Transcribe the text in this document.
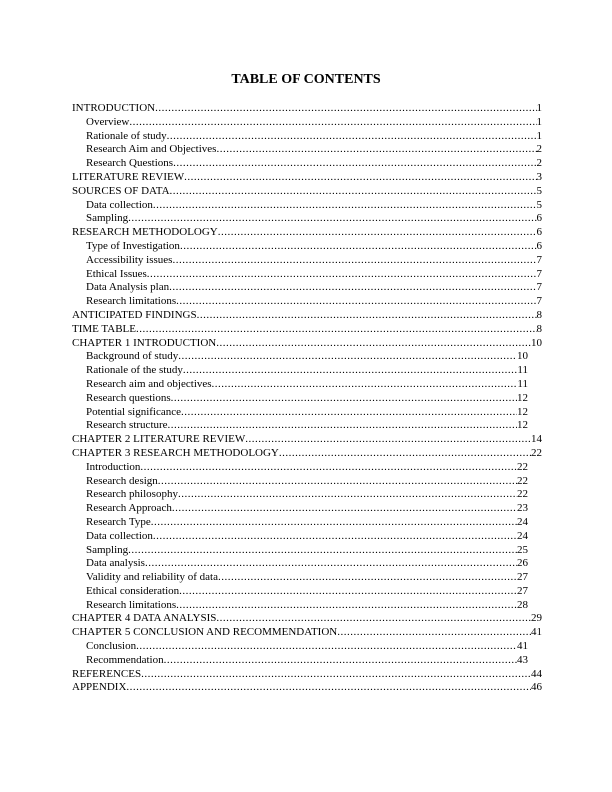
TABLE OF CONTENTS
INTRODUCTION .....	1
Overview .....	1
Rationale of study .....	1
Research Aim and Objectives .....	2
Research Questions .....	2
LITERATURE REVIEW .....	3
SOURCES OF DATA .....	5
Data collection .....	5
Sampling .....	6
RESEARCH METHODOLOGY .....	6
Type of Investigation .....	6
Accessibility issues .....	7
Ethical Issues .....	7
Data Analysis plan .....	7
Research limitations .....	7
ANTICIPATED FINDINGS .....	8
TIME TABLE .....	8
CHAPTER 1 INTRODUCTION .....	10
Background of study .....	10
Rationale of the study .....	11
Research aim and objectives .....	11
Research questions .....	12
Potential significance .....	12
Research structure .....	12
CHAPTER 2 LITERATURE REVIEW .....	14
CHAPTER 3 RESEARCH METHODOLOGY .....	22
Introduction .....	22
Research design .....	22
Research philosophy .....	22
Research Approach .....	23
Research Type .....	24
Data collection .....	24
Sampling .....	25
Data analysis .....	26
Validity and reliability of data .....	27
Ethical consideration .....	27
Research limitations .....	28
CHAPTER 4 DATA ANALYSIS .....	29
CHAPTER 5 CONCLUSION AND RECOMMENDATION .....	41
Conclusion .....	41
Recommendation .....	43
REFERENCES .....	44
APPENDIX .....	46
